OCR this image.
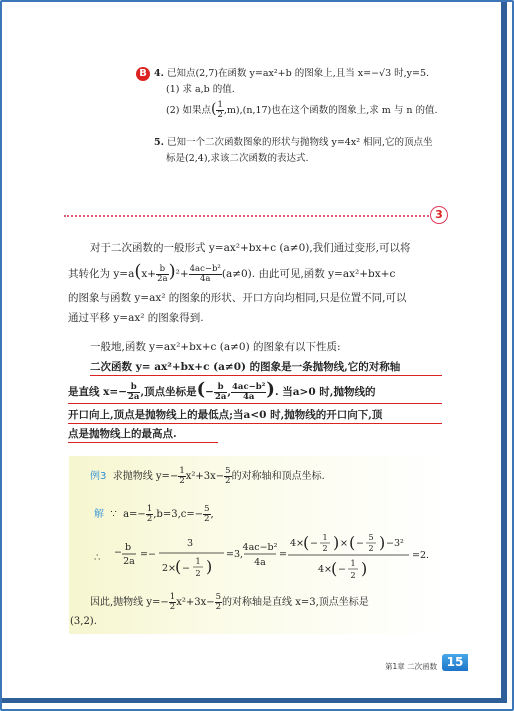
B 4. 已知点(2,7)在函数 y=ax²+b 的图象上,且当 x=−√3 时,y=5.
(1) 求 a,b 的值.
(2) 如果点( $\frac{1}{2} ,m),(n,17)$也在这个函数的图象上,求 m 与 n 的值.
5. 已知一个二次函数图象的形状与抛物线 y=4x² 相同,它的顶点坐
标是(2,4),求该二次函数的表达式.
3
对于二次函数的一般形式 y=ax²+bx+c (a≠0),我们通过变形,可以将
其转化为 $y=a(x+ \frac{b}{2a} )^2+ \frac{\text{4ac−b²}}{4a} (a\ne 0)$. 由此可见,函数 y=ax²+bx+c
的图象与函数 y=ax² 的图象的形状、开口方向均相同,只是位置不同,可以
通过平移 y=ax² 的图象得到.
一般地,函数 y=ax²+bx+c (a≠0) 的图象有以下性质:
二次函数 y= ax²+bx+c (a≠0) 的图象是一条抛物线,它的对称轴
是直线 $x=- \frac{b}{2a}$ ,顶点坐标是(− $\frac{b}{2a}$ , $\frac{\text{4ac−b²}}{4a}$ ). 当a>0 时,抛物线的
开口向上,顶点是抛物线上的最低点;当a<0 时,抛物线的开口向下,顶
点是抛物线上的最高点.
例3 求抛物线 $y=- \frac{1}{2} x^2+3x- \frac{5}{2}$ 的对称轴和顶点坐标.
解 ∵ $a=- \frac{1}{2} ,b=3,c=- \frac{5}{2}$ ,
∴ − b
2a
=−
3
2×
( −
1
2 )
=3,
4ac−b²
4a
=
4×
( −
1
2 ) × ( −
5
2 ) −3²
4×
( −
1
2 )
=2.
因此,抛物线 $y=- \frac{1}{2} x^2+3x- \frac{5}{2}$ 的对称轴是直线 x=3,顶点坐标是
(3,2).
第1章 二次函数 15
